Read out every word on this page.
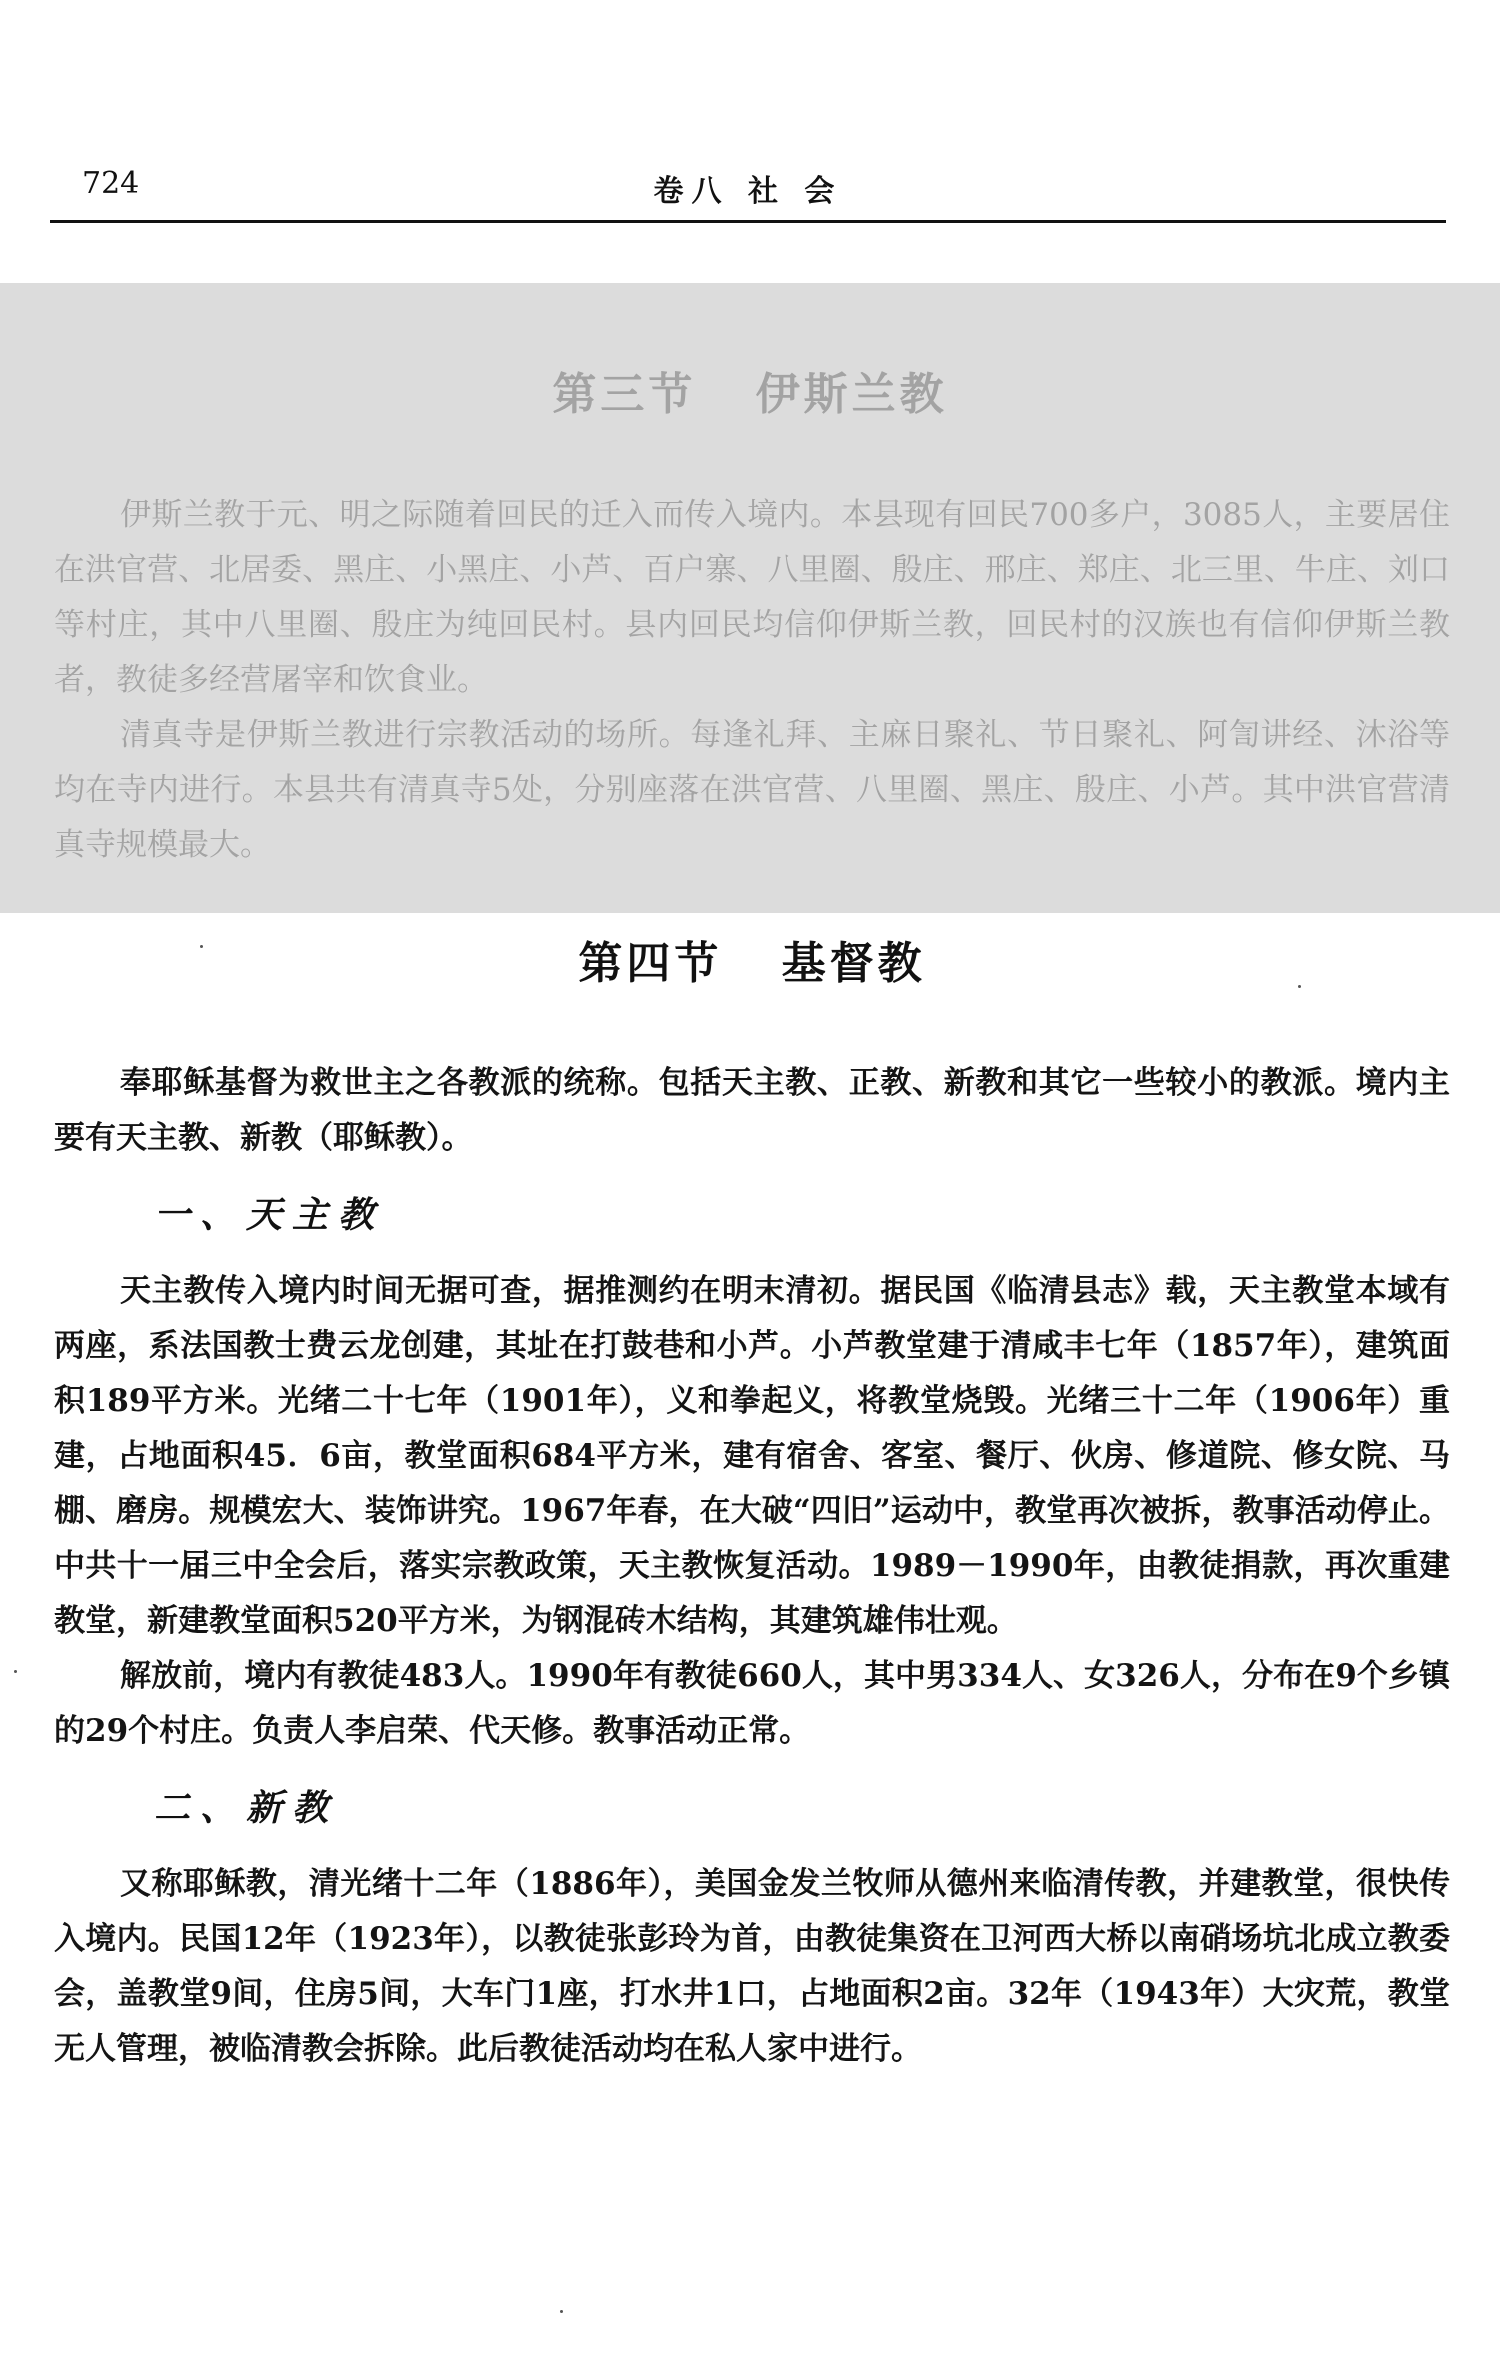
724	卷八 社 会
第三节 伊斯兰教

伊斯兰教于元、明之际随着回民的迁入而传入境内。本县现有回民700多户，3085人，主要居住在洪官营、北居委、黑庄、小黑庄、小芦、百户寨、八里圈、殷庄、邢庄、郑庄、北三里、牛庄、刘口等村庄，其中八里圈、殷庄为纯回民村。县内回民均信仰伊斯兰教，回民村的汉族也有信仰伊斯兰教者，教徒多经营屠宰和饮食业。

清真寺是伊斯兰教进行宗教活动的场所。每逢礼拜、主麻日聚礼、节日聚礼、阿訇讲经、沐浴等均在寺内进行。本县共有清真寺5处，分别座落在洪官营、八里圈、黑庄、殷庄、小芦。其中洪官营清真寺规模最大。

第四节 基督教

奉耶稣基督为救世主之各教派的统称。包括天主教、正教、新教和其它一些较小的教派。境内主要有天主教、新教（耶稣教）。

一、天主教

天主教传入境内时间无据可查，据推测约在明末清初。据民国《临清县志》载，天主教堂本域有两座，系法国教士费云龙创建，其址在打鼓巷和小芦。小芦教堂建于清咸丰七年（1857年），建筑面积189平方米。光绪二十七年（1901年），义和拳起义，将教堂烧毁。光绪三十二年（1906年）重建，占地面积45．6亩，教堂面积684平方米，建有宿舍、客室、餐厅、伙房、修道院、修女院、马棚、磨房。规模宏大、装饰讲究。1967年春，在大破“四旧”运动中，教堂再次被拆，教事活动停止。中共十一届三中全会后，落实宗教政策，天主教恢复活动。1989－1990年，由教徒捐款，再次重建教堂，新建教堂面积520平方米，为钢混砖木结构，其建筑雄伟壮观。

解放前，境内有教徒483人。1990年有教徒660人，其中男334人、女326人，分布在9个乡镇的29个村庄。负责人李启荣、代天修。教事活动正常。

二、新教

又称耶稣教，清光绪十二年（1886年），美国金发兰牧师从德州来临清传教，并建教堂，很快传入境内。民国12年（1923年），以教徒张彭玲为首，由教徒集资在卫河西大桥以南硝场坑北成立教委会，盖教堂9间，住房5间，大车门1座，打水井1口，占地面积2亩。32年（1943年）大灾荒，教堂无人管理，被临清教会拆除。此后教徒活动均在私人家中进行。
